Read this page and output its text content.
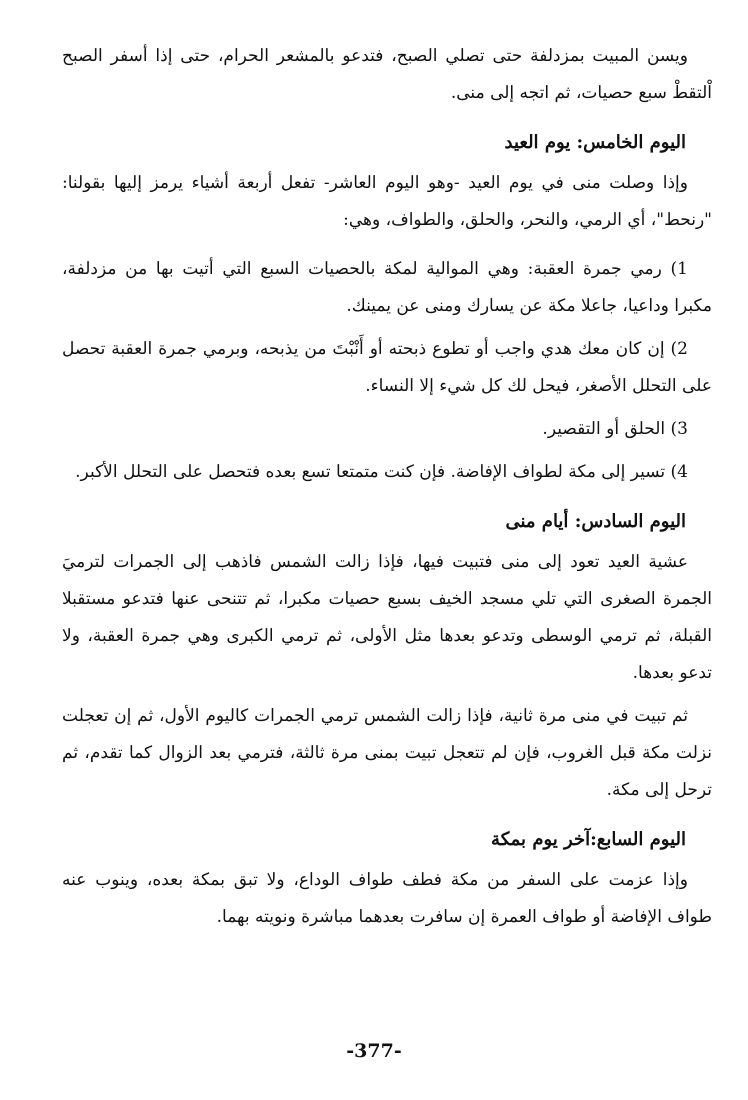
ويسن المبيت بمزدلفة حتى تصلي الصبح، فتدعو بالمشعر الحرام، حتى إذا أسفر الصبح اْلتقطْ سبع حصيات، ثم اتجه إلى منى.

اليوم الخامس: يوم العيد

وإذا وصلت منى في يوم العيد -وهو اليوم العاشر- تفعل أربعة أشياء يرمز إليها بقولنا: "رنحط"، أي الرمي، والنحر، والحلق، والطواف، وهي:

1) رمي جمرة العقبة: وهي الموالية لمكة بالحصيات السبع التي أتيت بها من مزدلفة، مكبرا وداعيا، جاعلا مكة عن يسارك ومنى عن يمينك.

2) إن كان معك هدي واجب أو تطوع ذبحته أو أَنْبْتَ من يذبحه، وبرمي جمرة العقبة تحصل على التحلل الأصغر، فيحل لك كل شيء إلا النساء.

3) الحلق أو التقصير.

4) تسير إلى مكة لطواف الإفاضة. فإن كنت متمتعا تسع بعده فتحصل على التحلل الأكبر.

اليوم السادس: أيام منى

عشية العيد تعود إلى منى فتبيت فيها، فإذا زالت الشمس فاذهب إلى الجمرات لترميَ الجمرة الصغرى التي تلي مسجد الخيف بسبع حصيات مكبرا، ثم تتنحى عنها فتدعو مستقبلا القبلة، ثم ترمي الوسطى وتدعو بعدها مثل الأولى، ثم ترمي الكبرى وهي جمرة العقبة، ولا تدعو بعدها.

ثم تبيت في منى مرة ثانية، فإذا زالت الشمس ترمي الجمرات كاليوم الأول، ثم إن تعجلت نزلت مكة قبل الغروب، فإن لم تتعجل تبيت بمنى مرة ثالثة، فترمي بعد الزوال كما تقدم، ثم ترحل إلى مكة.

اليوم السابع:آخر يوم بمكة

وإذا عزمت على السفر من مكة فطف طواف الوداع، ولا تبق بمكة بعده، وينوب عنه طواف الإفاضة أو طواف العمرة إن سافرت بعدهما مباشرة ونويته بهما.

-377-
